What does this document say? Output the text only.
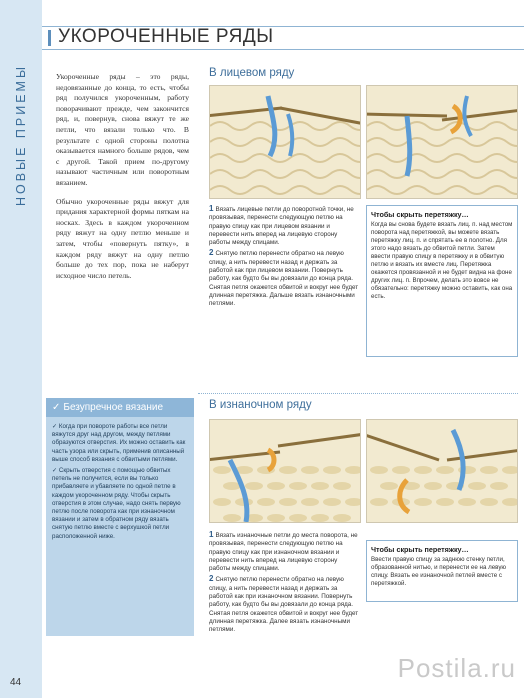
НОВЫЕ ПРИЕМЫ
44
УКОРОЧЕННЫЕ РЯДЫ

Укороченные ряды – это ряды, недовязанные до конца, то есть, чтобы ряд получился укороченным, работу поворачивают прежде, чем закончится ряд, и, повернув, снова вяжут те же петли, что вязали только что. В результате с одной стороны полотна оказывается намного больше рядов, чем с другой. Такой прием по-другому называют частичным или поворотным вязанием.

Обычно укороченные ряды вяжут для придания характерной формы пяткам на носках. Здесь в каждом укороченном ряду вяжут на одну петлю меньше и затем, чтобы «повернуть пятку», в каждом ряду вяжут на одну петлю больше до тех пор, пока не наберут исходное число петель.

В лицевом ряду

1 Вязать лицевые петли до поворотной точки, не провязывая, перенести следующую петлю на правую спицу как при лицевом вязании и перевести нить вперед на лицевую сторону работы между спицами.

2 Снятую петлю перенести обратно на левую спицу, а нить перевести назад и держать за работой как при лицевом вязании. Повернуть работу, как будто бы вы довязали до конца ряда. Снятая петля окажется обвитой и вокруг нее будет длинная перетяжка. Дальше вязать изнаночными петлями.

Чтобы скрыть перетяжку…
Когда вы снова будете вязать лиц. п. над местом поворота над перетяжкой, вы можете вязать перетяжку лиц. п. и спрятать ее в полотно. Для этого надо вязать до обвитой петли. Затем ввести правую спицу в перетяжку и в обвитую петлю и вязать их вместе лиц. Перетяжка окажется провязанной и не будет видна на фоне других лиц. п. Впрочем, делать это вовсе не обязательно: перетяжку можно оставить, как она есть.
В изнаночном ряду

1 Вязать изнаночные петли до места поворота, не провязывая, перенести следующую петлю на правую спицу как при изнаночном вязании и перевести нить вперед на лицевую сторону работы между спицами.

2 Снятую петлю перенести обратно на левую спицу, а нить перевести назад и держать за работой как при изнаночном вязании. Повернуть работу, как будто бы вы довязали до конца ряда. Снятая петля окажется обвитой и вокруг нее будет длинная перетяжка. Далее вязать изнаночными петлями.

Чтобы скрыть перетяжку…
Ввести правую спицу за заднюю стенку петли, образованной нитью, и перенести ее на левую спицу. Вязать ее изнаночной петлей вместе с перетяжкой.
✓ Безупречное вязание

✓ Когда при повороте работы все петли вяжутся друг над другом, между петлями образуются отверстия. Их можно оставить как часть узора или скрыть, применив описанный выше способ вязания с обвитыми петлями.

✓ Скрыть отверстия с помощью обвитых петель не получится, если вы только прибавляете и убавляете по одной петле в каждом укороченном ряду. Чтобы скрыть отверстия в этом случае, надо снять первую петлю после поворота как при изнаночном вязании и затем в обратном ряду вязать снятую петлю вместе с верхушкой петли расположенной ниже.

Postila.ru
